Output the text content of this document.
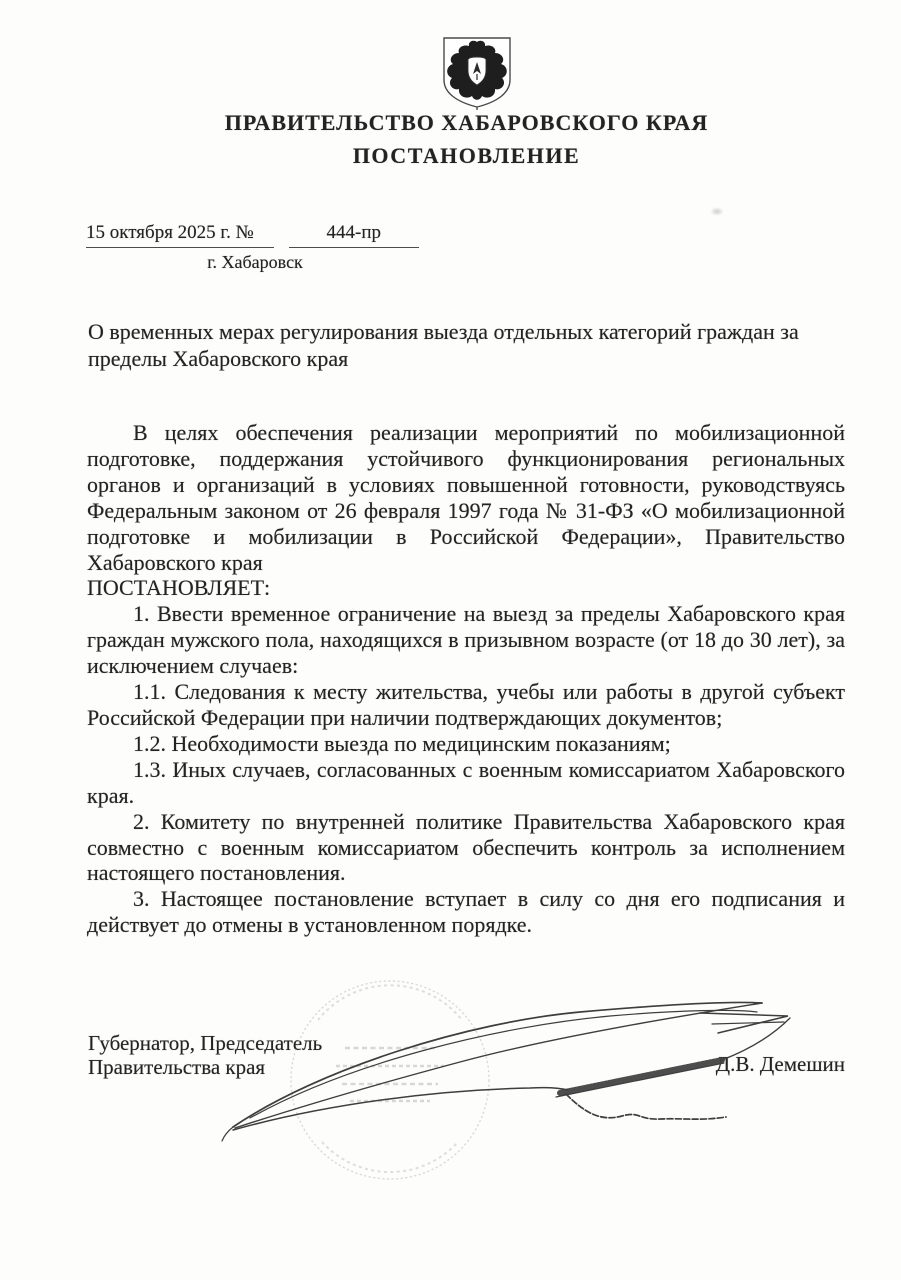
ПРАВИТЕЛЬСТВО ХАБАРОВСКОГО КРАЯ
ПОСТАНОВЛЕНИЕ
15 октября 2025 г. №	444-пр
г. Хабаровск
О временных мерах регулирования выезда отдельных категорий граждан за пределы Хабаровского края

В целях обеспечения реализации мероприятий по мобилизационной подготовке, поддержания устойчивого функционирования региональных органов и организаций в условиях повышенной готовности, руководствуясь Федеральным законом от 26 февраля 1997 года № 31-ФЗ «О мобилизационной подготовке и мобилизации в Российской Федерации», Правительство Хабаровского края

ПОСТАНОВЛЯЕТ:

1. Ввести временное ограничение на выезд за пределы Хабаровского края граждан мужского пола, находящихся в призывном возрасте (от 18 до 30 лет), за исключением случаев:

1.1. Следования к месту жительства, учебы или работы в другой субъект Российской Федерации при наличии подтверждающих документов;

1.2. Необходимости выезда по медицинским показаниям;

1.3. Иных случаев, согласованных с военным комиссариатом Хабаровского края.

2. Комитету по внутренней политике Правительства Хабаровского края совместно с военным комиссариатом обеспечить контроль за исполнением настоящего постановления.

3. Настоящее постановление вступает в силу со дня его подписания и действует до отмены в установленном порядке.

Губернатор, Председатель
Правительства края	Д.В. Демешин
